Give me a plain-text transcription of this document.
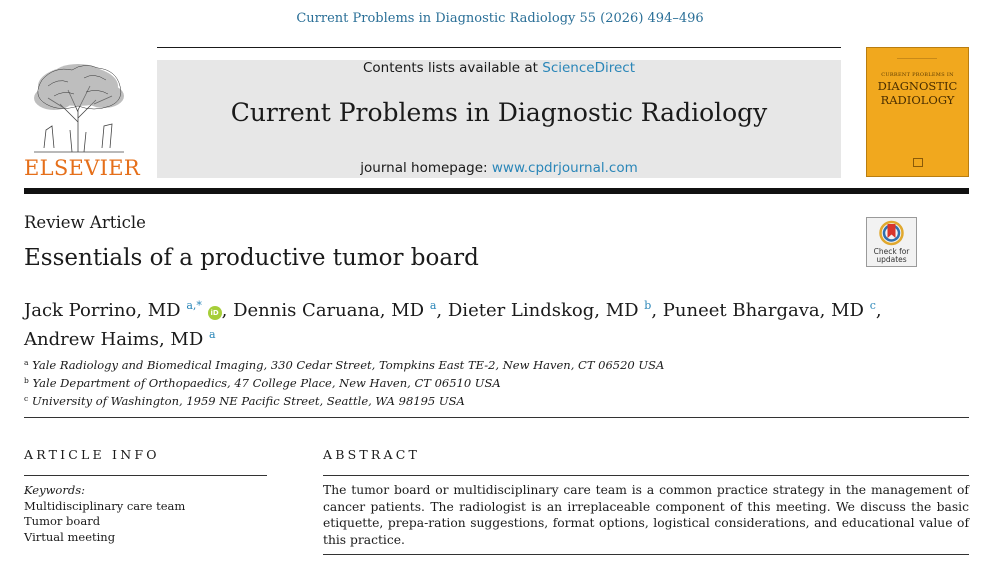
Current Problems in Diagnostic Radiology 55 (2026) 494–496
ELSEVIER
Contents lists available at ScienceDirect
Current Problems in Diagnostic Radiology
journal homepage: www.cpdrjournal.com
CURRENT PROBLEMS IN
DIAGNOSTIC
RADIOLOGY
Review Article
Essentials of a productive tumor board	Check for
updates
Jack Porrino, MD $^{a,*}$ iD , Dennis Caruana, MD $^a$, Dieter Lindskog, MD $^b$, Puneet Bhargava, MD $^c$,
Andrew Haims, MD $^a$
$^a$ Yale Radiology and Biomedical Imaging, 330 Cedar Street, Tompkins East TE-2, New Haven, CT 06520 USA
$^b$ Yale Department of Orthopaedics, 47 College Place, New Haven, CT 06510 USA
$^c$ University of Washington, 1959 NE Pacific Street, Seattle, WA 98195 USA
ARTICLE INFO
Keywords:
Multidisciplinary care team
Tumor board
Virtual meeting
ABSTRACT
The tumor board or multidisciplinary care team is a common practice strategy in the management of cancer patients. The radiologist is an irreplaceable component of this meeting. We discuss the basic etiquette, prepa-ration suggestions, format options, logistical considerations, and educational value of this practice.
